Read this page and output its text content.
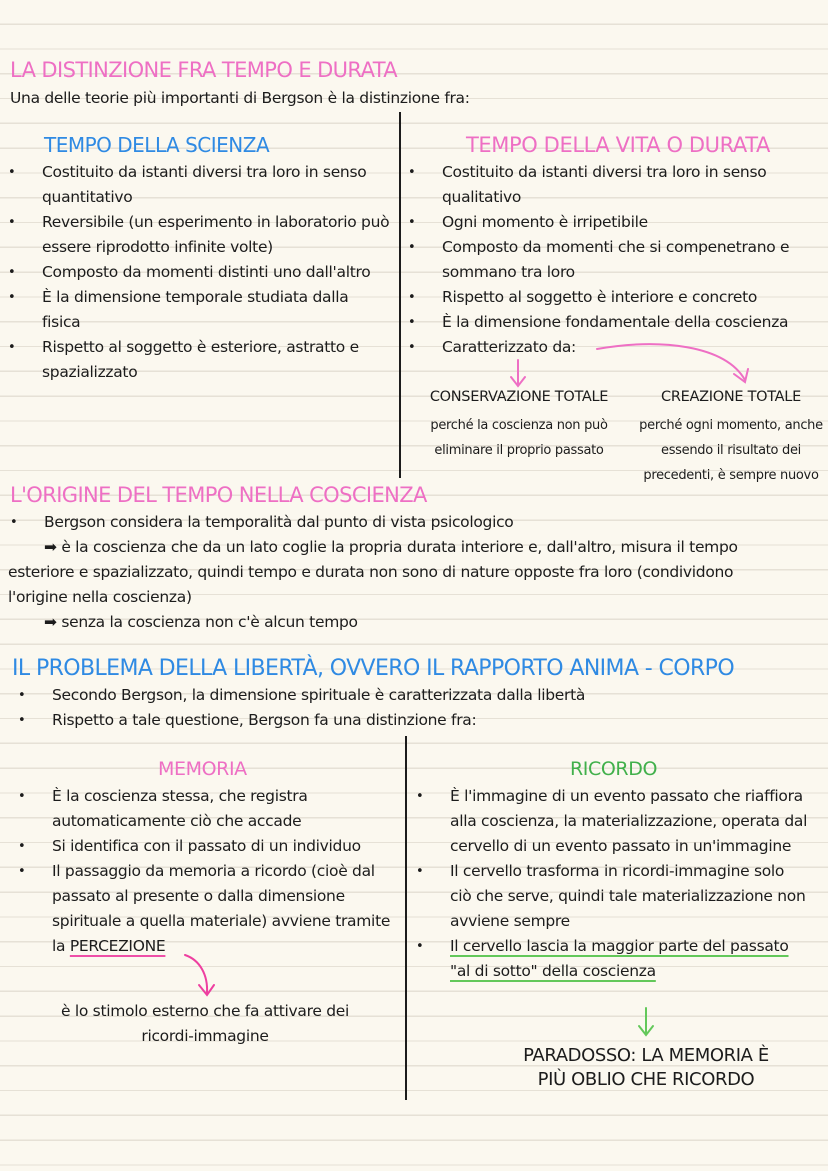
LA DISTINZIONE FRA TEMPO E DURATA
Una delle teorie più importanti di Bergson è la distinzione fra:
TEMPO DELLA SCIENZA
• Costituito da istanti diversi tra loro in senso quantitativo
• Reversibile (un esperimento in laboratorio può essere riprodotto infinite volte)
• Composto da momenti distinti uno dall'altro
• È la dimensione temporale studiata dalla fisica
• Rispetto al soggetto è esteriore, astratto e spazializzato
TEMPO DELLA VITA O DURATA
• Costituito da istanti diversi tra loro in senso qualitativo
• Ogni momento è irripetibile
• Composto da momenti che si compenetrano e sommano tra loro
• Rispetto al soggetto è interiore e concreto
• È la dimensione fondamentale della coscienza
• Caratterizzato da:
CONSERVAZIONE TOTALE
perché la coscienza non può eliminare il proprio passato
CREAZIONE TOTALE
perché ogni momento, anche essendo il risultato dei precedenti, è sempre nuovo
L'ORIGINE DEL TEMPO NELLA COSCIENZA
• Bergson considera la temporalità dal punto di vista psicologico
➡ è la coscienza che da un lato coglie la propria durata interiore e, dall'altro, misura il tempo
esteriore e spazializzato, quindi tempo e durata non sono di nature opposte fra loro (condividono
l'origine nella coscienza)
➡ senza la coscienza non c'è alcun tempo
IL PROBLEMA DELLA LIBERTÀ, OVVERO IL RAPPORTO ANIMA - CORPO
• Secondo Bergson, la dimensione spirituale è caratterizzata dalla libertà
• Rispetto a tale questione, Bergson fa una distinzione fra:
MEMORIA
• È la coscienza stessa, che registra automaticamente ciò che accade
• Si identifica con il passato di un individuo
• Il passaggio da memoria a ricordo (cioè dal passato al presente o dalla dimensione spirituale a quella materiale) avviene tramite la PERCEZIONE
è lo stimolo esterno che fa attivare dei ricordi-immagine
RICORDO
• È l'immagine di un evento passato che riaffiora alla coscienza, la materializzazione, operata dal cervello di un evento passato in un'immagine
• Il cervello trasforma in ricordi-immagine solo ciò che serve, quindi tale materializzazione non avviene sempre
• Il cervello lascia la maggior parte del passato "al di sotto" della coscienza
PARADOSSO: LA MEMORIA È
PIÙ OBLIO CHE RICORDO
